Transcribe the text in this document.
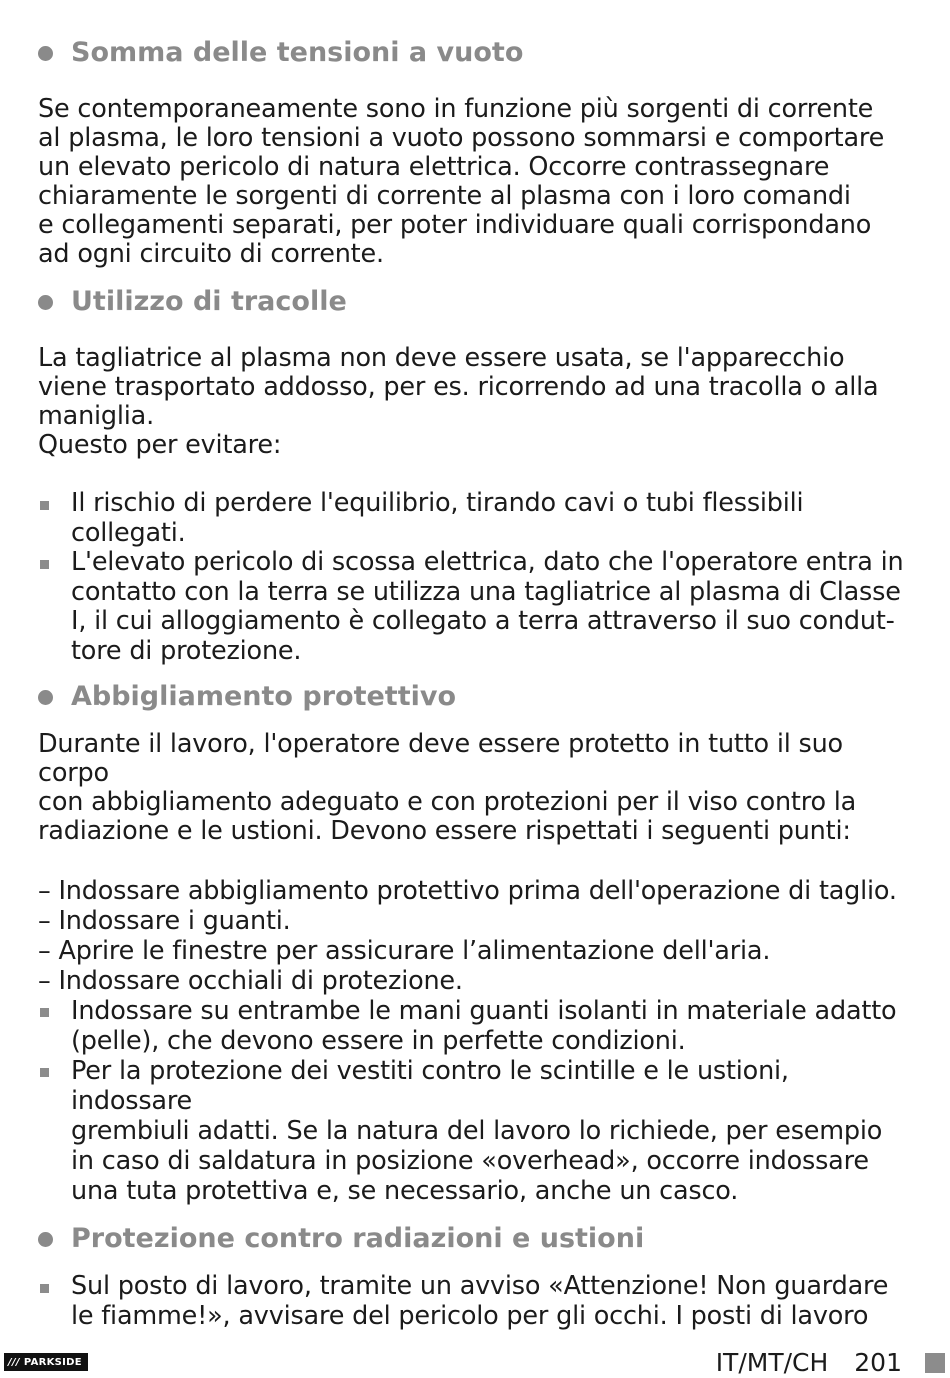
Somma delle tensioni a vuoto
Se contemporaneamente sono in funzione più sorgenti di corrente
al plasma, le loro tensioni a vuoto possono sommarsi e comportare
un elevato pericolo di natura elettrica. Occorre contrassegnare
chiaramente le sorgenti di corrente al plasma con i loro comandi
e collegamenti separati, per poter individuare quali corrispondano
ad ogni circuito di corrente.
Utilizzo di tracolle
La tagliatrice al plasma non deve essere usata, se l'apparecchio
viene trasportato addosso, per es. ricorrendo ad una tracolla o alla
maniglia.
Questo per evitare:
Il rischio di perdere l'equilibrio, tirando cavi o tubi flessibili
collegati.
L'elevato pericolo di scossa elettrica, dato che l'operatore entra in
contatto con la terra se utilizza una tagliatrice al plasma di Classe
I, il cui alloggiamento è collegato a terra attraverso il suo condut-
tore di protezione.
Abbigliamento protettivo
Durante il lavoro, l'operatore deve essere protetto in tutto il suo corpo
con abbigliamento adeguato e con protezioni per il viso contro la
radiazione e le ustioni. Devono essere rispettati i seguenti punti:
– Indossare abbigliamento protettivo prima dell'operazione di taglio.
– Indossare i guanti.
– Aprire le finestre per assicurare l’alimentazione dell'aria.
– Indossare occhiali di protezione.
Indossare su entrambe le mani guanti isolanti in materiale adatto
(pelle), che devono essere in perfette condizioni.
Per la protezione dei vestiti contro le scintille e le ustioni, indossare
grembiuli adatti. Se la natura del lavoro lo richiede, per esempio
in caso di saldatura in posizione «overhead», occorre indossare
una tuta protettiva e, se necessario, anche un casco.
Protezione contro radiazioni e ustioni
Sul posto di lavoro, tramite un avviso «Attenzione! Non guardare
le fiamme!», avvisare del pericolo per gli occhi. I posti di lavoro
/// PARKSIDE	IT/MT/CH 201
